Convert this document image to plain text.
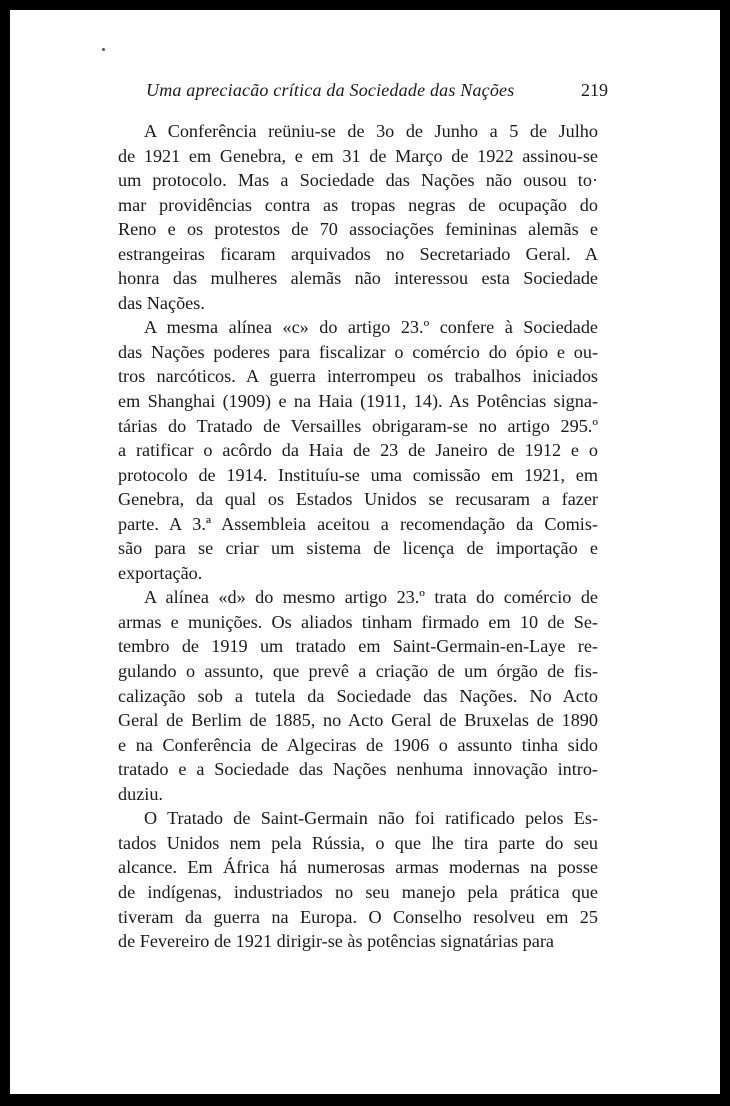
Uma apreciacão crítica da Sociedade das Nações	219
A Conferência reüniu-se de 3o de Junho a 5 de Julho
de 1921 em Genebra, e em 31 de Março de 1922 assinou-se
um protocolo. Mas a Sociedade das Nações não ousou to·
mar providências contra as tropas negras de ocupação do
Reno e os protestos de 70 associações femininas alemãs e
estrangeiras ficaram arquivados no Secretariado Geral. A
honra das mulheres alemãs não interessou esta Sociedade
das Nações.
A mesma alínea «c» do artigo 23.º confere à Sociedade
das Nações poderes para fiscalizar o comércio do ópio e ou-
tros narcóticos. A guerra interrompeu os trabalhos iniciados
em Shanghai (1909) e na Haia (1911, 14). As Potências signa-
tárias do Tratado de Versailles obrigaram-se no artigo 295.º
a ratificar o acôrdo da Haia de 23 de Janeiro de 1912 e o
protocolo de 1914. Instituíu-se uma comissão em 1921, em
Genebra, da qual os Estados Unidos se recusaram a fazer
parte. A 3.ª Assembleia aceitou a recomendação da Comis-
são para se criar um sistema de licença de importação e
exportação.
A alínea «d» do mesmo artigo 23.º trata do comércio de
armas e munições. Os aliados tinham firmado em 10 de Se-
tembro de 1919 um tratado em Saint-Germain-en-Laye re-
gulando o assunto, que prevê a criação de um órgão de fis-
calização sob a tutela da Sociedade das Nações. No Acto
Geral de Berlim de 1885, no Acto Geral de Bruxelas de 1890
e na Conferência de Algeciras de 1906 o assunto tinha sido
tratado e a Sociedade das Nações nenhuma innovação intro-
duziu.
O Tratado de Saint-Germain não foi ratificado pelos Es-
tados Unidos nem pela Rússia, o que lhe tira parte do seu
alcance. Em África há numerosas armas modernas na posse
de indígenas, industriados no seu manejo pela prática que
tiveram da guerra na Europa. O Conselho resolveu em 25
de Fevereiro de 1921 dirigir-se às potências signatárias para
